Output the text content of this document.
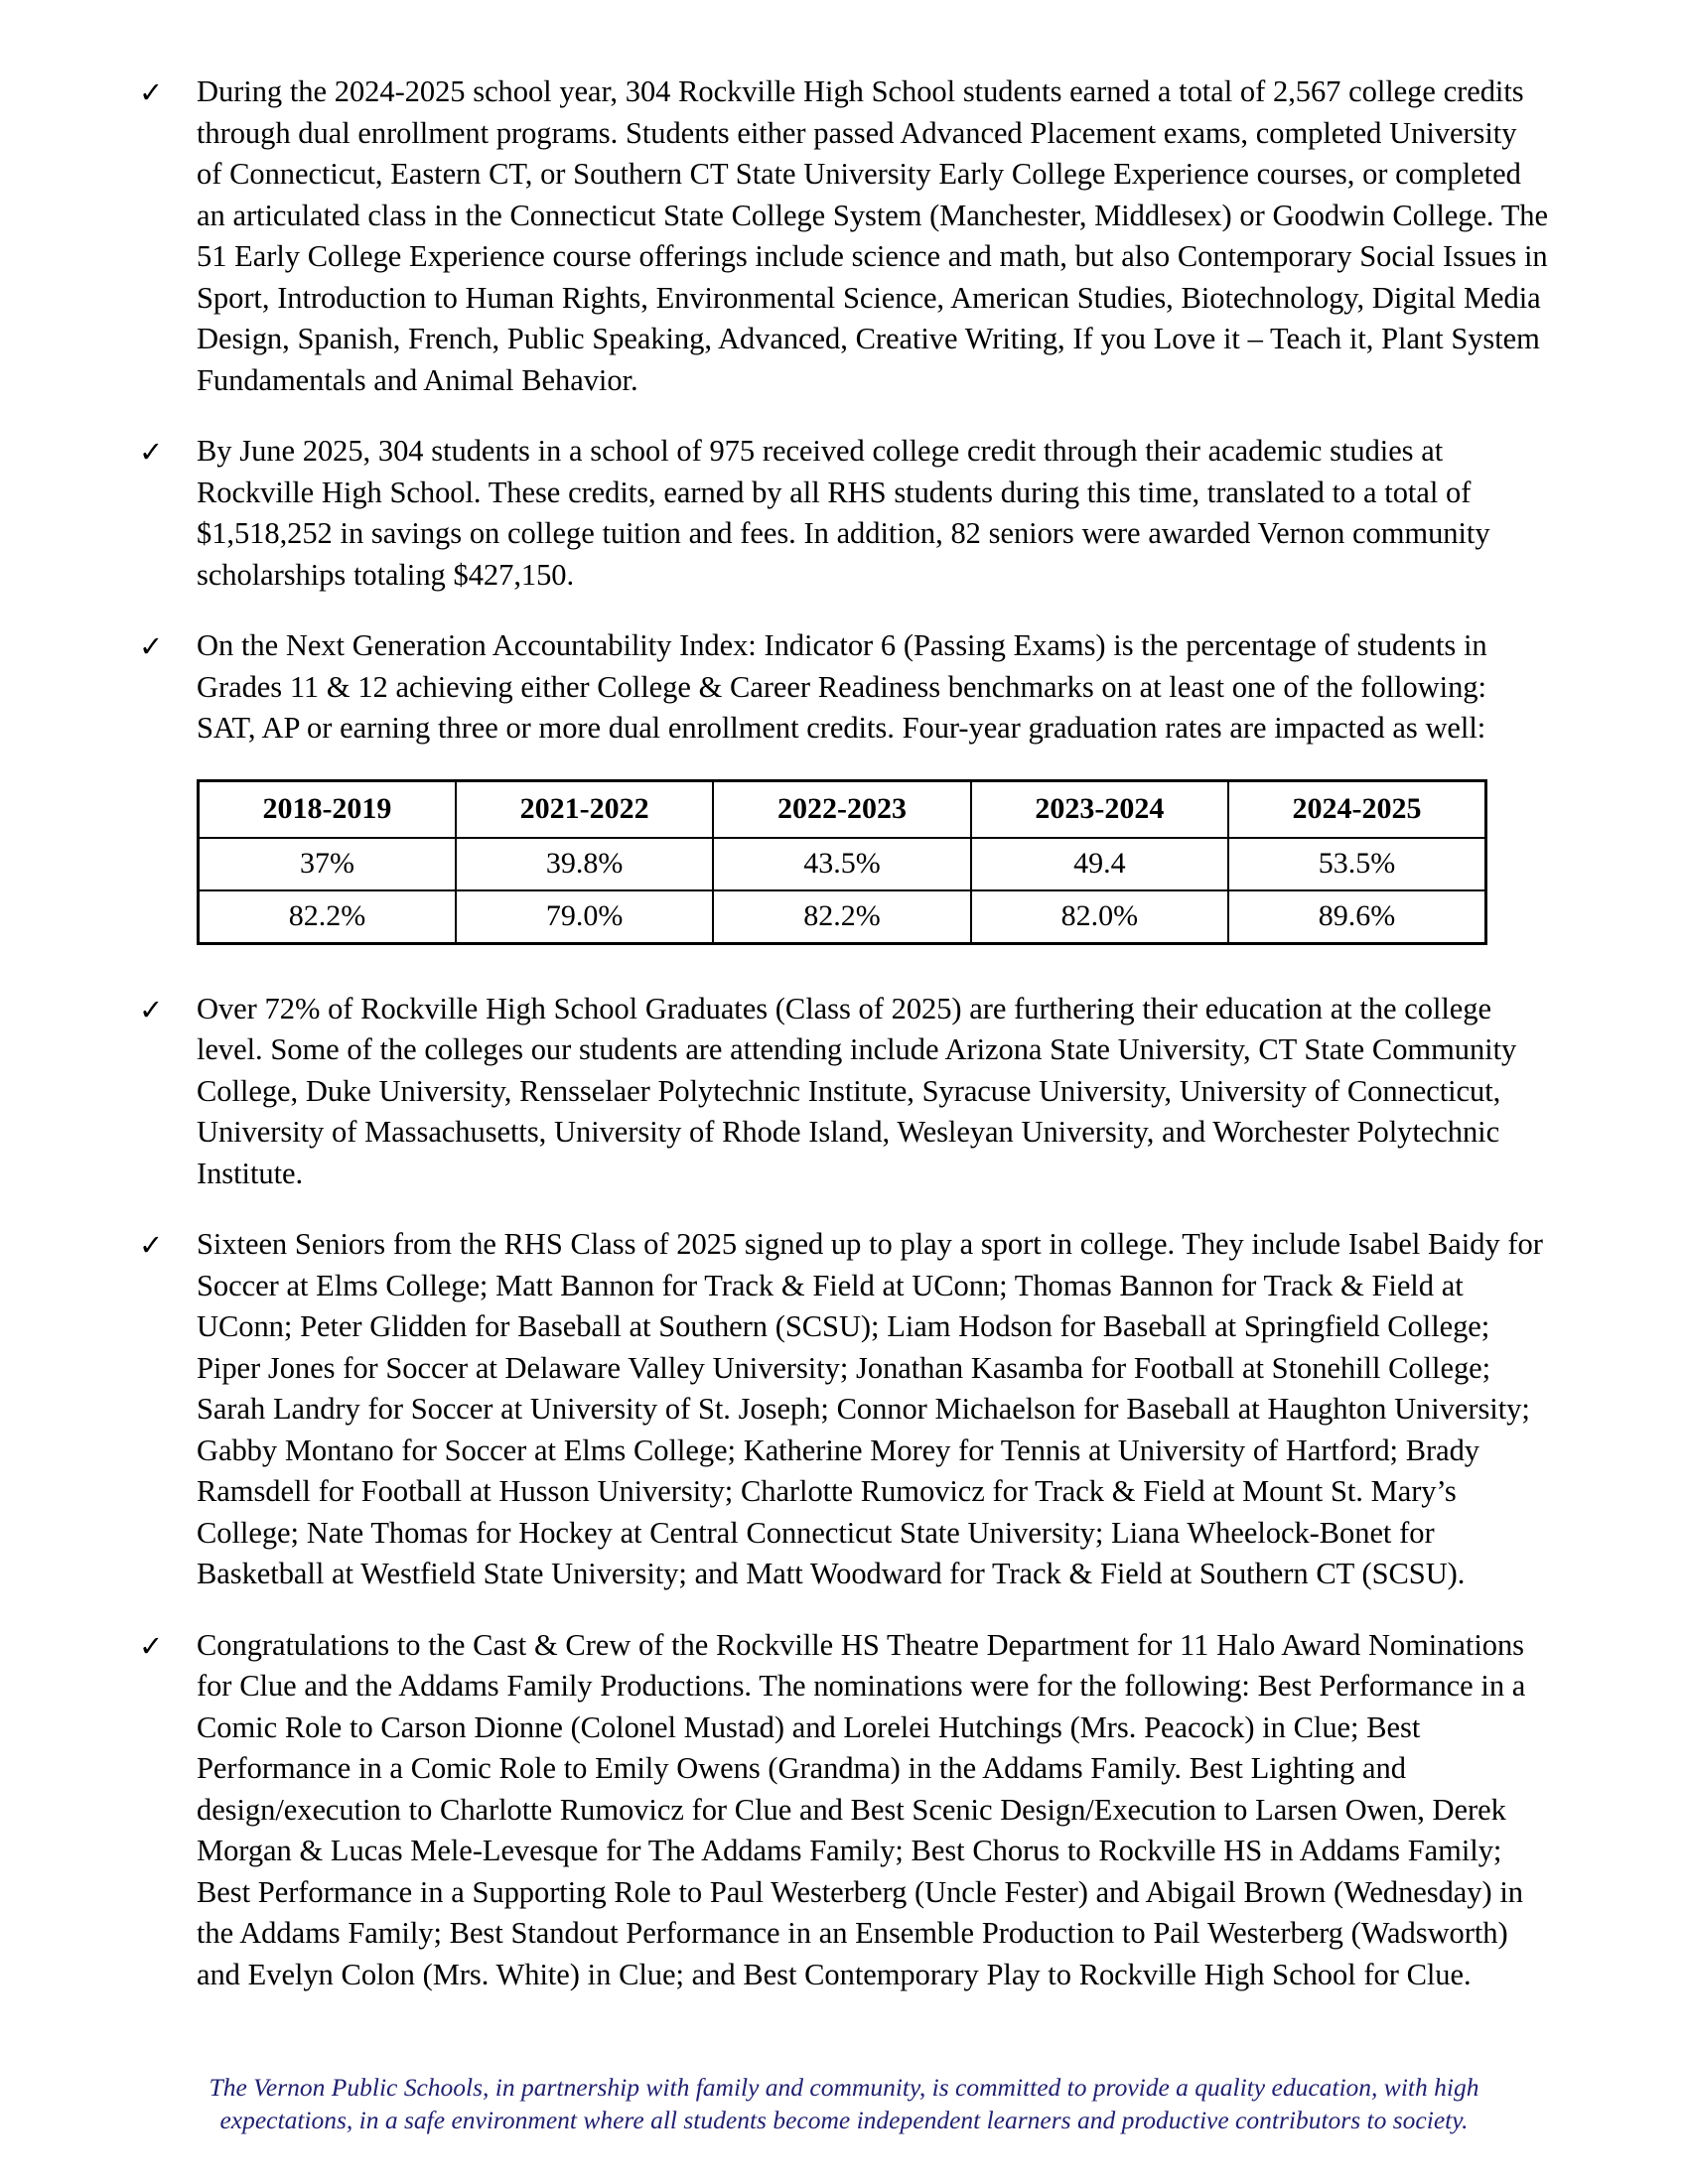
✓	During the 2024-2025 school year, 304 Rockville High School students earned a total of 2,567 college credits through dual enrollment programs. Students either passed Advanced Placement exams, completed University of Connecticut, Eastern CT, or Southern CT State University Early College Experience courses, or completed an articulated class in the Connecticut State College System (Manchester, Middlesex) or Goodwin College. The 51 Early College Experience course offerings include science and math, but also Contemporary Social Issues in Sport, Introduction to Human Rights, Environmental Science, American Studies, Biotechnology, Digital Media Design, Spanish, French, Public Speaking, Advanced, Creative Writing, If you Love it – Teach it, Plant System Fundamentals and Animal Behavior.
✓	By June 2025, 304 students in a school of 975 received college credit through their academic studies at Rockville High School. These credits, earned by all RHS students during this time, translated to a total of $1,518,252 in savings on college tuition and fees. In addition, 82 seniors were awarded Vernon community scholarships totaling $427,150.
✓	On the Next Generation Accountability Index: Indicator 6 (Passing Exams) is the percentage of students in Grades 11 & 12 achieving either College & Career Readiness benchmarks on at least one of the following: SAT, AP or earning three or more dual enrollment credits. Four-year graduation rates are impacted as well:
2018-2019	2021-2022	2022-2023	2023-2024	2024-2025
37%	39.8%	43.5%	49.4	53.5%
82.2%	79.0%	82.2%	82.0%	89.6%
✓	Over 72% of Rockville High School Graduates (Class of 2025) are furthering their education at the college level. Some of the colleges our students are attending include Arizona State University, CT State Community College, Duke University, Rensselaer Polytechnic Institute, Syracuse University, University of Connecticut, University of Massachusetts, University of Rhode Island, Wesleyan University, and Worchester Polytechnic Institute.
✓	Sixteen Seniors from the RHS Class of 2025 signed up to play a sport in college. They include Isabel Baidy for Soccer at Elms College; Matt Bannon for Track & Field at UConn; Thomas Bannon for Track & Field at UConn; Peter Glidden for Baseball at Southern (SCSU); Liam Hodson for Baseball at Springfield College; Piper Jones for Soccer at Delaware Valley University; Jonathan Kasamba for Football at Stonehill College; Sarah Landry for Soccer at University of St. Joseph; Connor Michaelson for Baseball at Haughton University; Gabby Montano for Soccer at Elms College; Katherine Morey for Tennis at University of Hartford; Brady Ramsdell for Football at Husson University; Charlotte Rumovicz for Track & Field at Mount St. Mary’s College; Nate Thomas for Hockey at Central Connecticut State University; Liana Wheelock-Bonet for Basketball at Westfield State University; and Matt Woodward for Track & Field at Southern CT (SCSU).
✓	Congratulations to the Cast & Crew of the Rockville HS Theatre Department for 11 Halo Award Nominations for Clue and the Addams Family Productions. The nominations were for the following: Best Performance in a Comic Role to Carson Dionne (Colonel Mustad) and Lorelei Hutchings (Mrs. Peacock) in Clue; Best Performance in a Comic Role to Emily Owens (Grandma) in the Addams Family. Best Lighting and design/execution to Charlotte Rumovicz for Clue and Best Scenic Design/Execution to Larsen Owen, Derek Morgan & Lucas Mele-Levesque for The Addams Family; Best Chorus to Rockville HS in Addams Family; Best Performance in a Supporting Role to Paul Westerberg (Uncle Fester) and Abigail Brown (Wednesday) in the Addams Family; Best Standout Performance in an Ensemble Production to Pail Westerberg (Wadsworth) and Evelyn Colon (Mrs. White) in Clue; and Best Contemporary Play to Rockville High School for Clue.
The Vernon Public Schools, in partnership with family and community, is committed to provide a quality education, with high
expectations, in a safe environment where all students become independent learners and productive contributors to society.
